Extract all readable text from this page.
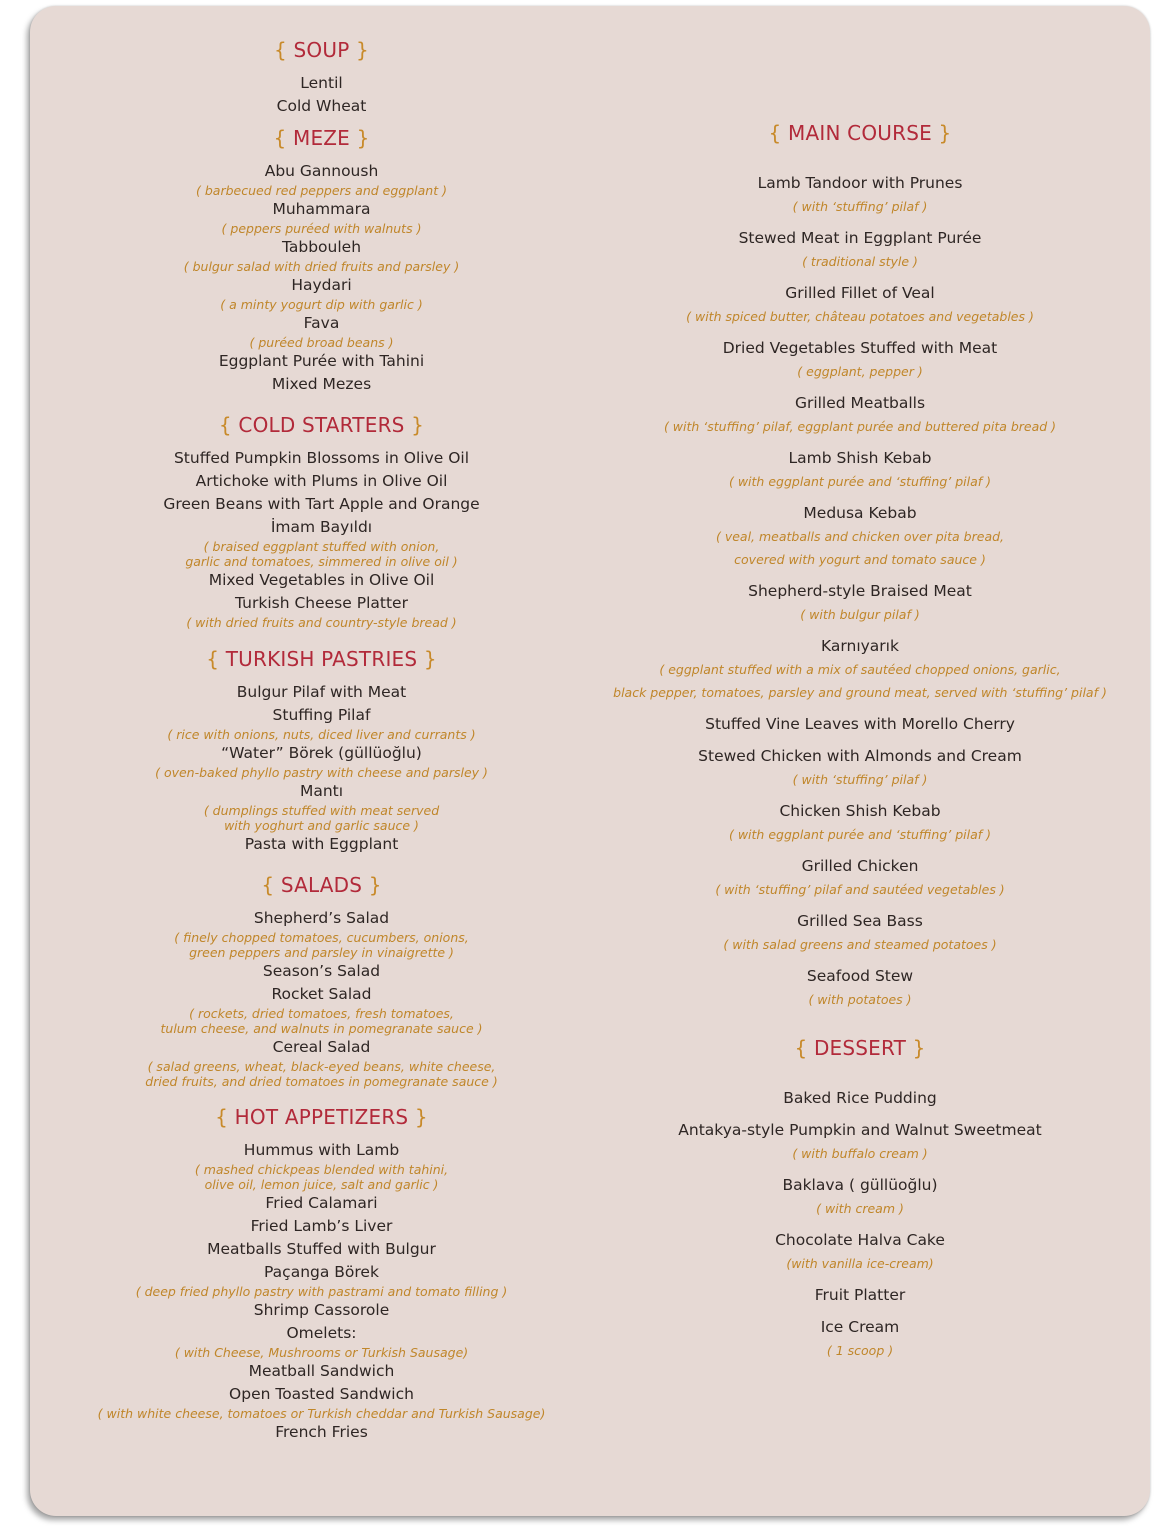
{ SOUP }
Lentil
Cold Wheat
{ MEZE }
Abu Gannoush
( barbecued red peppers and eggplant )
Muhammara
( peppers puréed with walnuts )
Tabbouleh
( bulgur salad with dried fruits and parsley )
Haydari
( a minty yogurt dip with garlic )
Fava
( puréed broad beans )
Eggplant Purée with Tahini
Mixed Mezes
{ COLD STARTERS }
Stuffed Pumpkin Blossoms in Olive Oil
Artichoke with Plums in Olive Oil
Green Beans with Tart Apple and Orange
İmam Bayıldı
( braised eggplant stuffed with onion,
garlic and tomatoes, simmered in olive oil )
Mixed Vegetables in Olive Oil
Turkish Cheese Platter
( with dried fruits and country-style bread )
{ TURKISH PASTRIES }
Bulgur Pilaf with Meat
Stuffing Pilaf
( rice with onions, nuts, diced liver and currants )
“Water” Börek (güllüoğlu)
( oven-baked phyllo pastry with cheese and parsley )
Mantı
( dumplings stuffed with meat served
with yoghurt and garlic sauce )
Pasta with Eggplant
{ SALADS }
Shepherd’s Salad
( finely chopped tomatoes, cucumbers, onions,
green peppers and parsley in vinaigrette )
Season’s Salad
Rocket Salad
( rockets, dried tomatoes, fresh tomatoes,
tulum cheese, and walnuts in pomegranate sauce )
Cereal Salad
( salad greens, wheat, black-eyed beans, white cheese,
dried fruits, and dried tomatoes in pomegranate sauce )
{ HOT APPETIZERS }
Hummus with Lamb
( mashed chickpeas blended with tahini,
olive oil, lemon juice, salt and garlic )
Fried Calamari
Fried Lamb’s Liver
Meatballs Stuffed with Bulgur
Paçanga Börek
( deep fried phyllo pastry with pastrami and tomato filling )
Shrimp Cassorole
Omelets:
( with Cheese, Mushrooms or Turkish Sausage)
Meatball Sandwich
Open Toasted Sandwich
( with white cheese, tomatoes or Turkish cheddar and Turkish Sausage)
French Fries
{ MAIN COURSE }
Lamb Tandoor with Prunes
( with ‘stuffing’ pilaf )
Stewed Meat in Eggplant Purée
( traditional style )
Grilled Fillet of Veal
( with spiced butter, château potatoes and vegetables )
Dried Vegetables Stuffed with Meat
( eggplant, pepper )
Grilled Meatballs
( with ‘stuffing’ pilaf, eggplant purée and buttered pita bread )
Lamb Shish Kebab
( with eggplant purée and ‘stuffing’ pilaf )
Medusa Kebab
( veal, meatballs and chicken over pita bread,
covered with yogurt and tomato sauce )
Shepherd-style Braised Meat
( with bulgur pilaf )
Karnıyarık
( eggplant stuffed with a mix of sautéed chopped onions, garlic,
black pepper, tomatoes, parsley and ground meat, served with ‘stuffing’ pilaf )
Stuffed Vine Leaves with Morello Cherry
Stewed Chicken with Almonds and Cream
( with ‘stuffing’ pilaf )
Chicken Shish Kebab
( with eggplant purée and ‘stuffing’ pilaf )
Grilled Chicken
( with ‘stuffing’ pilaf and sautéed vegetables )
Grilled Sea Bass
( with salad greens and steamed potatoes )
Seafood Stew
( with potatoes )
{ DESSERT }
Baked Rice Pudding
Antakya-style Pumpkin and Walnut Sweetmeat
( with buffalo cream )
Baklava ( güllüoğlu)
( with cream )
Chocolate Halva Cake
(with vanilla ice-cream)
Fruit Platter
Ice Cream
( 1 scoop )
